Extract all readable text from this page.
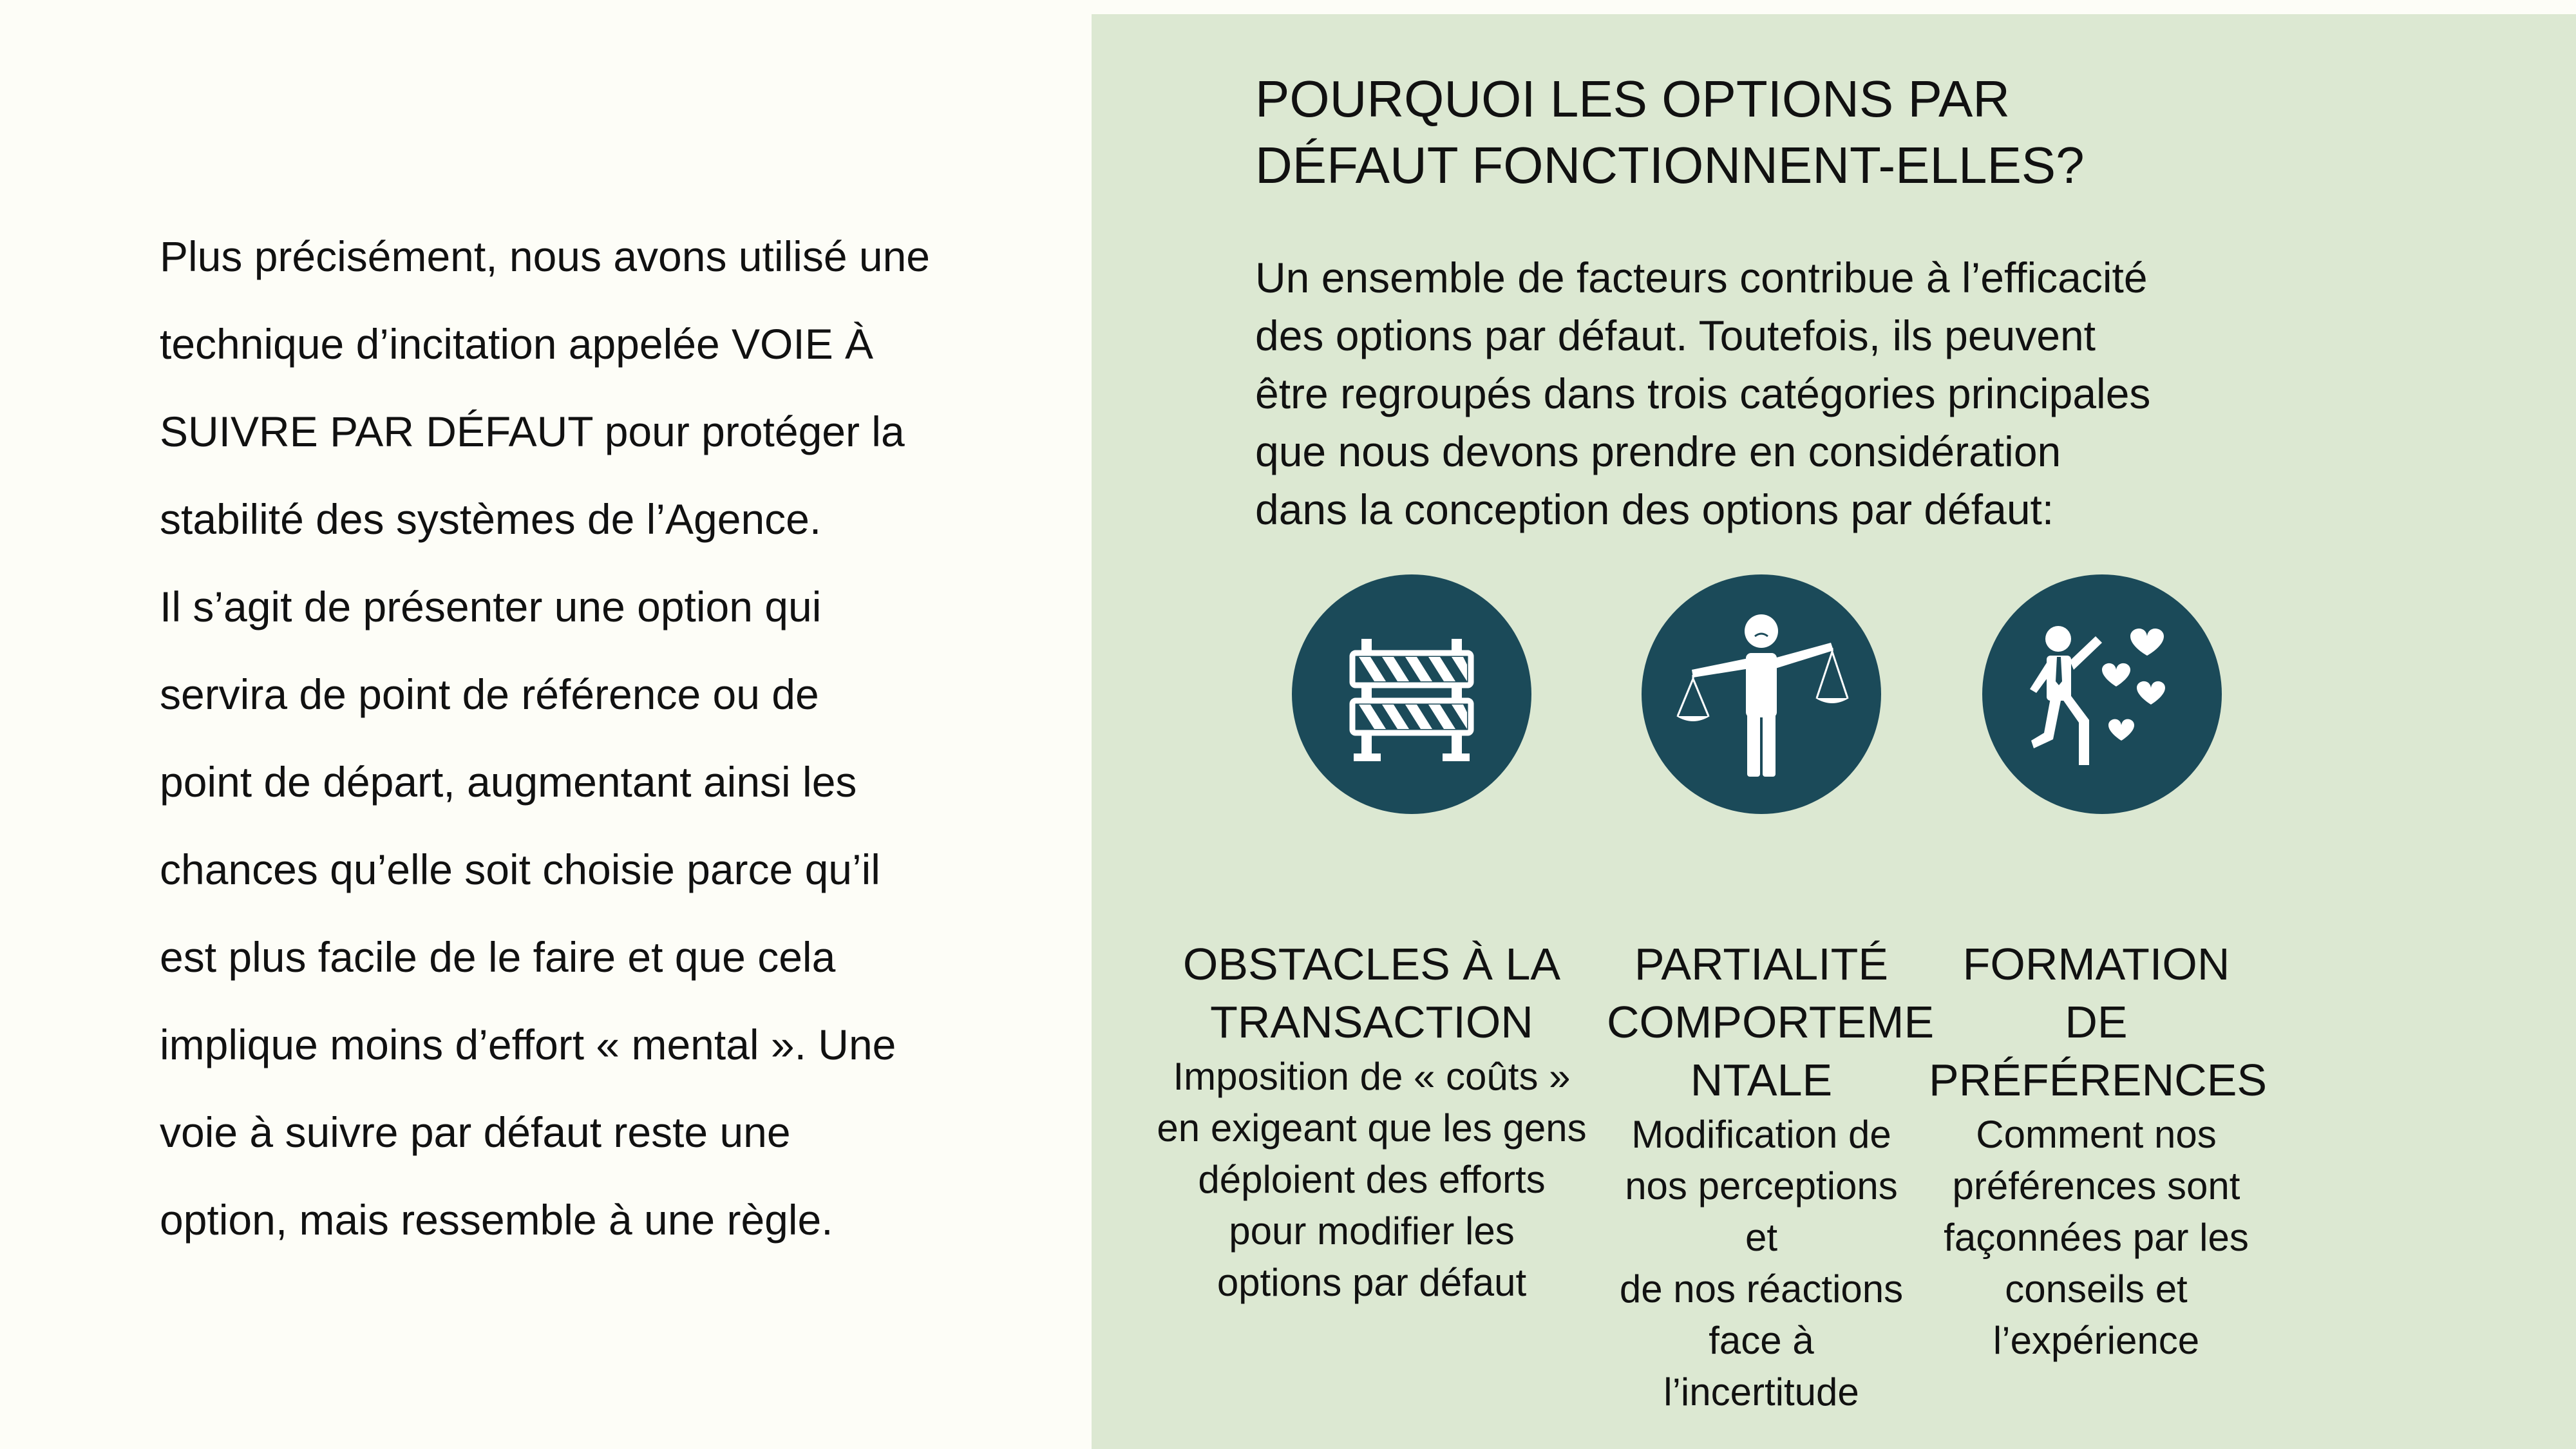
Plus précisément, nous avons utilisé une

technique d’incitation appelée VOIE À

SUIVRE PAR DÉFAUT pour protéger la

stabilité des systèmes de l’Agence.

Il s’agit de présenter une option qui

servira de point de référence ou de

point de départ, augmentant ainsi les

chances qu’elle soit choisie parce qu’il

est plus facile de le faire et que cela

implique moins d’effort « mental ». Une

voie à suivre par défaut reste une

option, mais ressemble à une règle.

POURQUOI LES OPTIONS PAR
DÉFAUT FONCTIONNENT-ELLES?
Un ensemble de facteurs contribue à l’efficacité
des options par défaut. Toutefois, ils peuvent
être regroupés dans trois catégories principales
que nous devons prendre en considération
dans la conception des options par défaut:
OBSTACLES À LA
TRANSACTION
Imposition de « coûts »
en exigeant que les gens
déploient des efforts
pour modifier les
options par défaut
PARTIALITÉ
COMPORTEME
NTALE
Modification de
nos perceptions et
de nos réactions
face à l’incertitude
FORMATION
DE
PRÉFÉRENCES
Comment nos
préférences sont
façonnées par les
conseils et
l’expérience
